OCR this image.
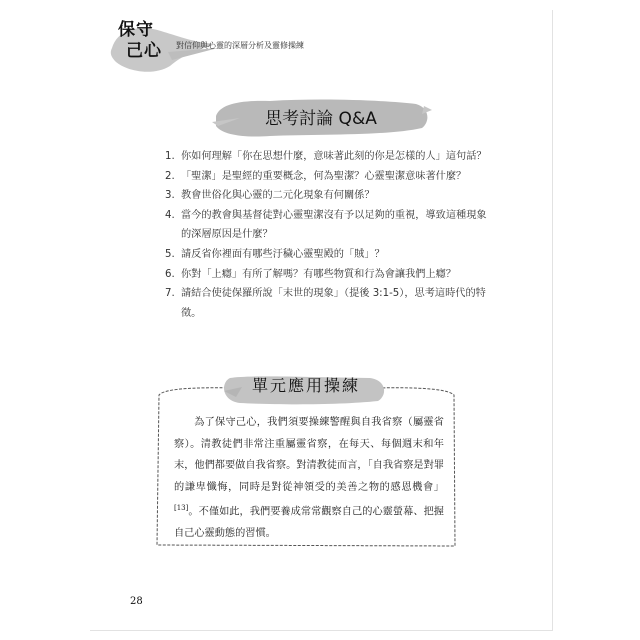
保守
己心	對信仰與心靈的深層分析及靈修操練
思考討論 Q&A
1. 你如何理解「你在思想什麼，意味著此刻的你是怎樣的人」這句話？
2. 「聖潔」是聖經的重要概念，何為聖潔？心靈聖潔意味著什麼？
3. 教會世俗化與心靈的二元化現象有何關係？
4. 當今的教會與基督徒對心靈聖潔沒有予以足夠的重視，導致這種現象的深層原因是什麼？
5. 請反省你裡面有哪些汙穢心靈聖殿的「賊」？
6. 你對「上癮」有所了解嗎？有哪些物質和行為會讓我們上癮？
7. 請結合使徒保羅所說「末世的現象」（提後 3:1-5），思考這時代的特徵。
單元應用操練

為了保守己心，我們須要操練警醒與自我省察（屬靈省察）。清教徒們非常注重屬靈省察，在每天、每個週末和年末，他們都要做自我省察。對清教徒而言，「自我省察是對罪的謙卑懺悔，同時是對從神領受的美善之物的感恩機會」[13]。不僅如此，我們要養成常常觀察自己的心靈螢幕、把握自己心靈動態的習慣。

28
